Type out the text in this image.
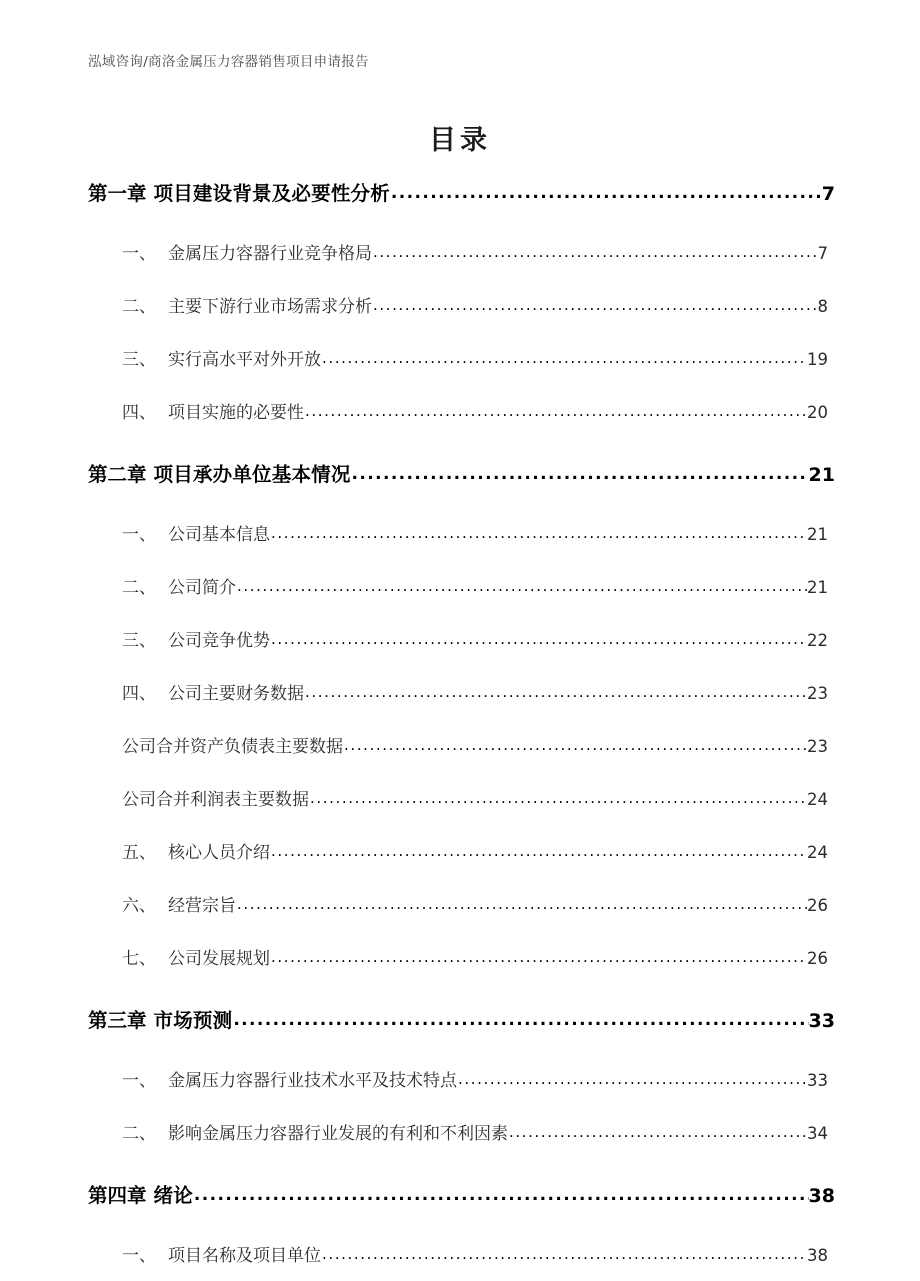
泓域咨询/商洛金属压力容器销售项目申请报告
目录
第一章 项目建设背景及必要性分析 .....	7
一、 金属压力容器行业竞争格局 .....	7
二、 主要下游行业市场需求分析 .....	8
三、 实行高水平对外开放 .....	19
四、 项目实施的必要性 .....	20
第二章 项目承办单位基本情况 .....	21
一、 公司基本信息 .....	21
二、 公司简介 .....	21
三、 公司竞争优势 .....	22
四、 公司主要财务数据 .....	23
公司合并资产负债表主要数据 .....	23
公司合并利润表主要数据 .....	24
五、 核心人员介绍 .....	24
六、 经营宗旨 .....	26
七、 公司发展规划 .....	26
第三章 市场预测 .....	33
一、 金属压力容器行业技术水平及技术特点 .....	33
二、 影响金属压力容器行业发展的有利和不利因素 .....	34
第四章 绪论 .....	38
一、 项目名称及项目单位 .....	38
